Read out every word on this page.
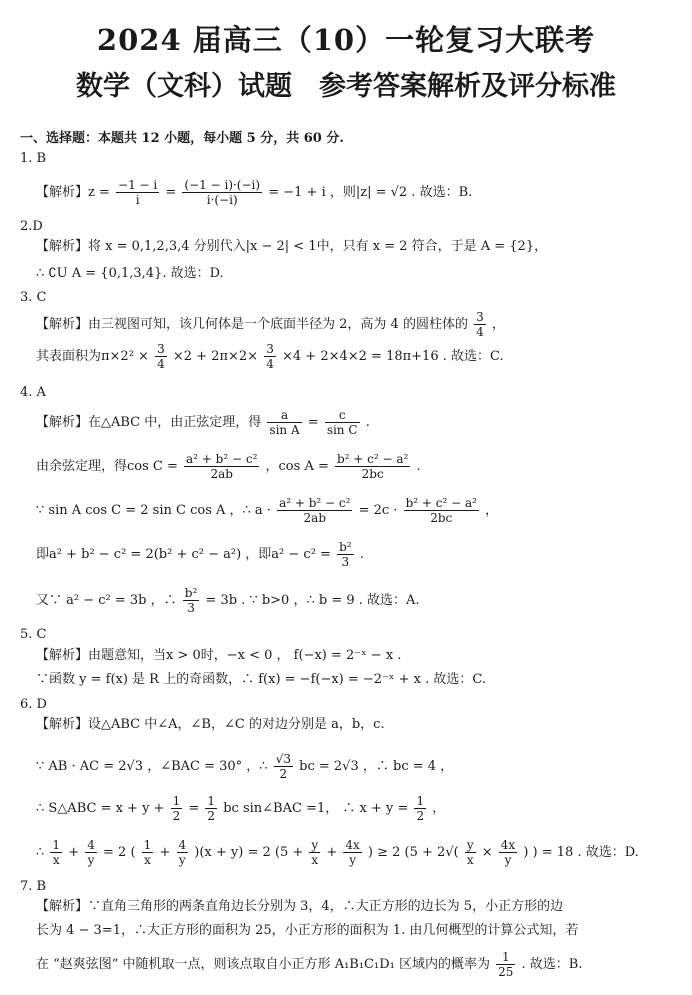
2024 届高三（10）一轮复习大联考
数学（文科）试题　参考答案解析及评分标准
一、选择题：本题共 12 小题，每小题 5 分，共 60 分.
1. B
【解析】$z = \frac{-1 - i}{i} = \frac{(-1 - i)\cdot(-i)}{i\cdot(-i)} = -1 + i$ ，则|z| = √2 . 故选：B.
2.D
【解析】将 x = 0,1,2,3,4 分别代入|x − 2| < 1中，只有 x = 2 符合，于是 A = {2}，
∴ ∁U A = {0,1,3,4}. 故选：D.
3. C
【解析】由三视图可知，该几何体是一个底面半径为 2，高为 4 的圆柱体的 $\frac{3}{4}$ ，
其表面积为$\pi\times 2^2 \times \frac{3}{4} \times 2 + 2\pi\times 2\times \frac{3}{4} \times 4 + 2\times 4\times 2 = 18\pi+16$ . 故选：C.
4. A
【解析】在△ABC 中，由正弦定理，得 $\frac{a}{\text{sin A}} = \frac{c}{\text{sin C}}$ .
由余弦定理，得$\cos C = \frac{\text{a² + b² − c²}}{2ab}$ ，$\cos A = \frac{\text{b² + c² − a²}}{2bc}$ .
∵ sin A cos C = 2 sin C cos A ，∴ $a \cdot \frac{\text{a² + b² − c²}}{2ab} = 2c \cdot \frac{\text{b² + c² − a²}}{2bc}$ ，
即a² + b² − c² = 2(b² + c² − a²) ，即$a^2 - c^2 = \frac{\text{b²}}{3}$ .
又∵ a² − c² = 3b ，∴ $\frac{\text{b²}}{3} = 3b$ . ∵ b>0 ，∴ b = 9 . 故选：A.
5. C
【解析】由题意知，当x > 0时，−x < 0 ， f(−x) = 2⁻ˣ − x .
∵函数 y = f(x) 是 R 上的奇函数，∴ f(x) = −f(−x) = −2⁻ˣ + x . 故选：C.
6. D
【解析】设△ABC 中∠A，∠B，∠C 的对边分别是 a，b，c.
∵ AB · AC = 2√3 ，∠BAC = 30° ，∴ $\frac{√3}{2}$ bc = 2√3 ，∴ bc = 4 ，
∴ S△ABC = $x + y + \frac{1}{2} = \frac{1}{2}$ bc sin∠BAC =1， ∴ $x + y = \frac{1}{2}$ ，
∴ $\frac{1}{x} + \frac{4}{y} = 2$ ( $\frac{1}{x} + \frac{4}{y} )(x + y) = 2$ ($5 + \frac{y}{x} + \frac{4x}{y}$ ) ≥ 2 ($5 + 2√( \frac{y}{x} \times \frac{4x}{y}$ ) ) = 18 . 故选：D.
7. B
【解析】∵直角三角形的两条直角边长分别为 3，4，∴大正方形的边长为 5，小正方形的边
长为 4 − 3=1，∴大正方形的面积为 25，小正方形的面积为 1. 由几何概型的计算公式知，若
在 “赵爽弦图” 中随机取一点，则该点取自小正方形 A₁B₁C₁D₁ 区域内的概率为 $\frac{1}{25}$ . 故选：B.
